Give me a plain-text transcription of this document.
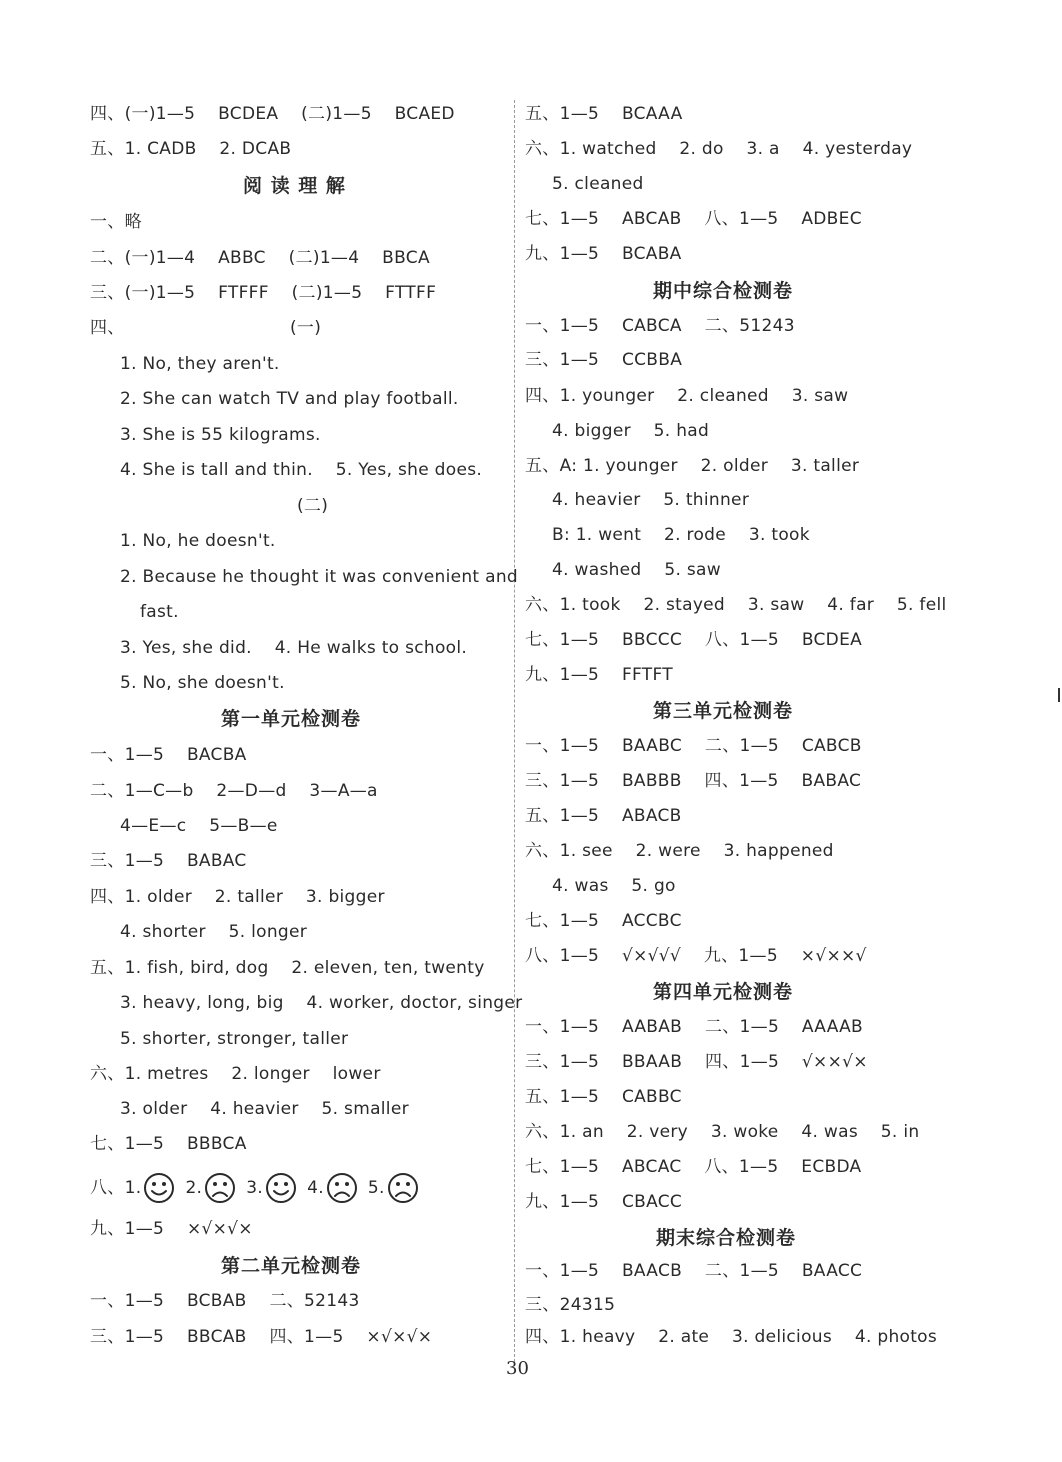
四、(一)1—5    BCDEA    (二)1—5    BCAED
五、1. CADB    2. DCAB
阅 读 理 解
一、略
二、(一)1—4    ABBC    (二)1—4    BBCA
三、(一)1—5    FTFFF    (二)1—5    FTTFF
四、	(一)
1. No, they aren't.
2. She can watch TV and play football.
3. She is 55 kilograms.
4. She is tall and thin.    5. Yes, she does.
(二)
1. No, he doesn't.
2. Because he thought it was convenient and
fast.
3. Yes, she did.    4. He walks to school.
5. No, she doesn't.
第一单元检测卷
一、1—5    BACBA
二、1—C—b    2—D—d    3—A—a
4—E—c    5—B—e
三、1—5    BABAC
四、1. older    2. taller    3. bigger
4. shorter    5. longer
五、1. fish, bird, dog    2. eleven, ten, twenty
3. heavy, long, big    4. worker, doctor, singer
5. shorter, stronger, taller
六、1. metres    2. longer    lower
3. older    4. heavier    5. smaller
七、1—5    BBBCA
八、1.	2.	3.	4.	5.
九、1—5    ×√×√×
第二单元检测卷
一、1—5    BCBAB    二、52143
三、1—5    BBCAB    四、1—5    ×√×√×
五、1—5    BCAAA
六、1. watched    2. do    3. a    4. yesterday
5. cleaned
七、1—5    ABCAB    八、1—5    ADBEC
九、1—5    BCABA
期中综合检测卷
一、1—5    CABCA    二、51243
三、1—5    CCBBA
四、1. younger    2. cleaned    3. saw
4. bigger    5. had
五、A: 1. younger    2. older    3. taller
4. heavier    5. thinner
B: 1. went    2. rode    3. took
4. washed    5. saw
六、1. took    2. stayed    3. saw    4. far    5. fell
七、1—5    BBCCC    八、1—5    BCDEA
九、1—5    FFTFT
第三单元检测卷
一、1—5    BAABC    二、1—5    CABCB
三、1—5    BABBB    四、1—5    BABAC
五、1—5    ABACB
六、1. see    2. were    3. happened
4. was    5. go
七、1—5    ACCBC
八、1—5    √×√√√    九、1—5    ×√××√
第四单元检测卷
一、1—5    AABAB    二、1—5    AAAAB
三、1—5    BBAAB    四、1—5    √××√×
五、1—5    CABBC
六、1. an    2. very    3. woke    4. was    5. in
七、1—5    ABCAC    八、1—5    ECBDA
九、1—5    CBACC
期末综合检测卷
一、1—5    BAACB    二、1—5    BAACC
三、24315
四、1. heavy    2. ate    3. delicious    4. photos
30
